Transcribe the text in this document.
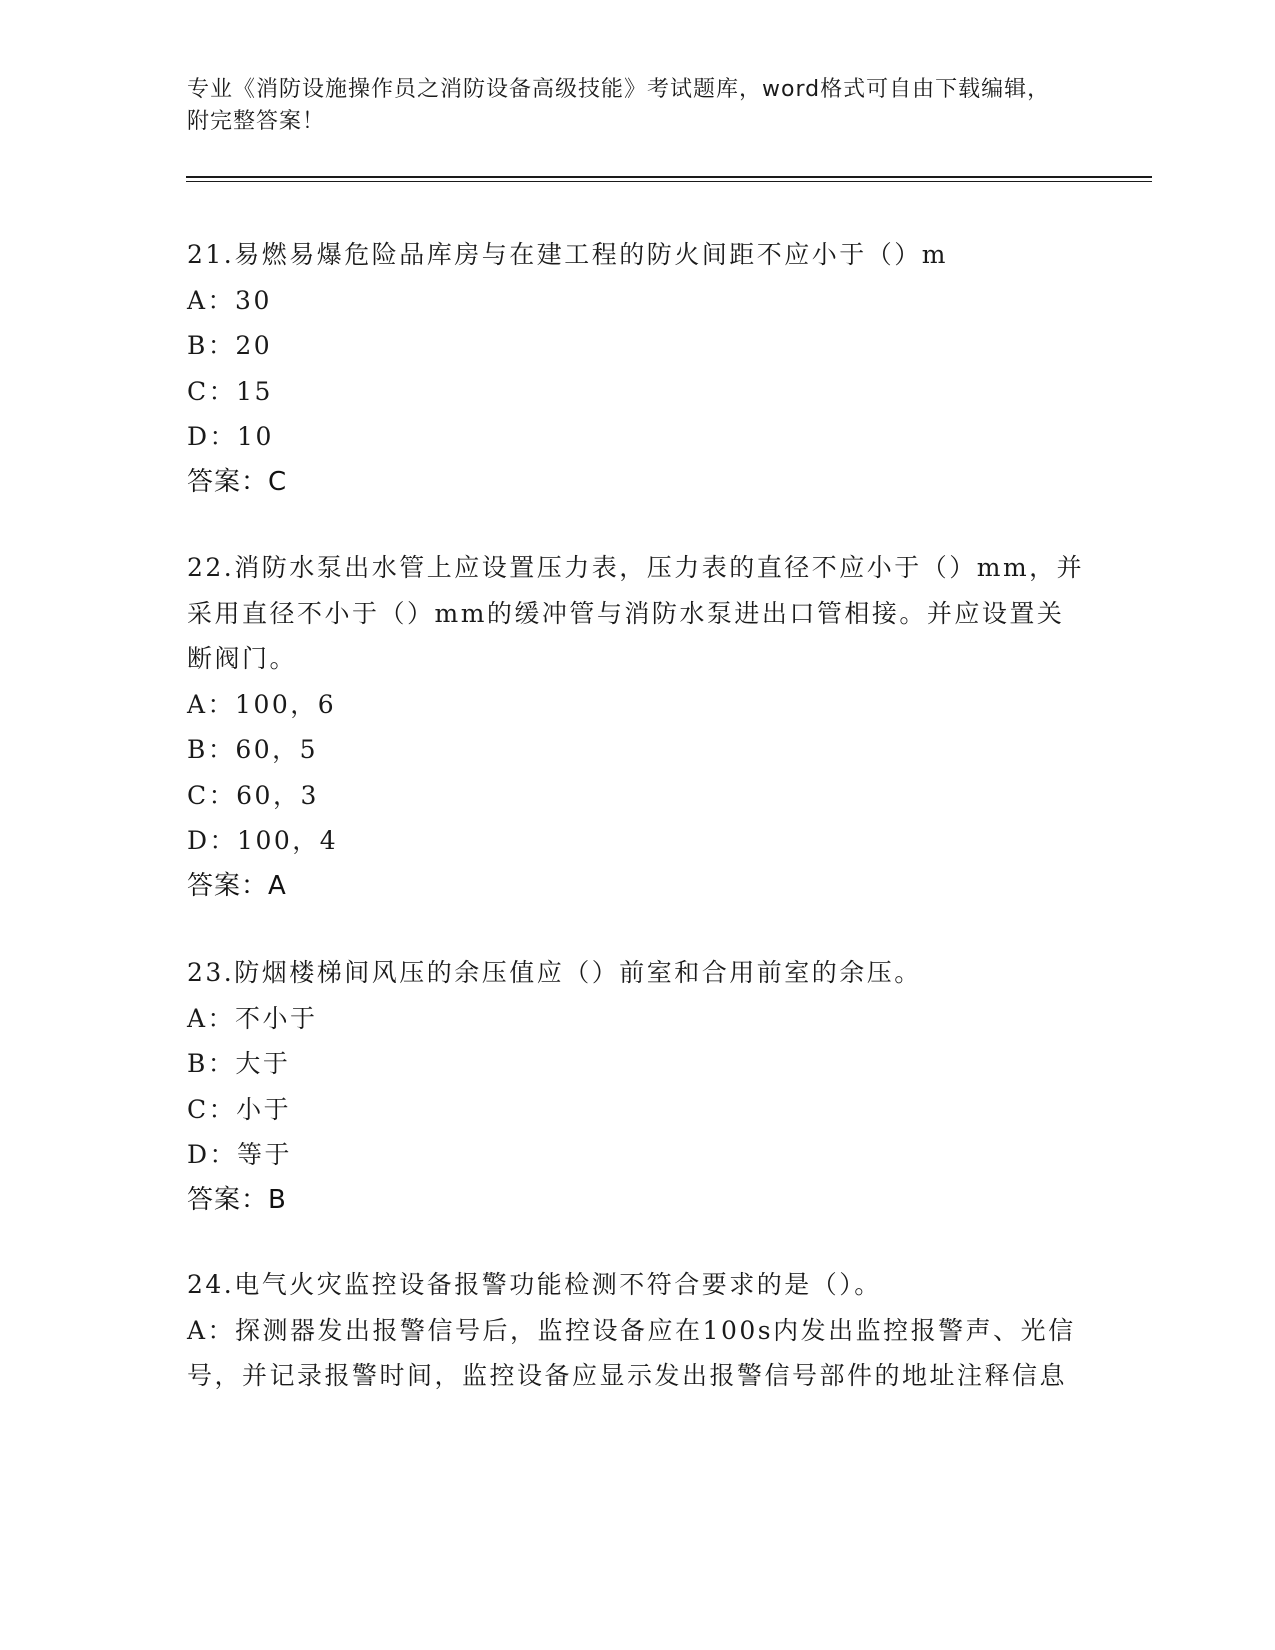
专业《消防设施操作员之消防设备高级技能》考试题库，word格式可自由下载编辑，附完整答案！
21.易燃易爆危险品库房与在建工程的防火间距不应小于（）m
A：30
B：20
C：15
D：10
答案：C
22.消防水泵出水管上应设置压力表，压力表的直径不应小于（）mm，并采用直径不小于（）mm的缓冲管与消防水泵进出口管相接。并应设置关断阀门。
A：100，6
B：60，5
C：60，3
D：100，4
答案：A
23.防烟楼梯间风压的余压值应（）前室和合用前室的余压。
A：不小于
B：大于
C：小于
D：等于
答案：B
24.电气火灾监控设备报警功能检测不符合要求的是（）。
A：探测器发出报警信号后，监控设备应在100s内发出监控报警声、光信号，并记录报警时间，监控设备应显示发出报警信号部件的地址注释信息
